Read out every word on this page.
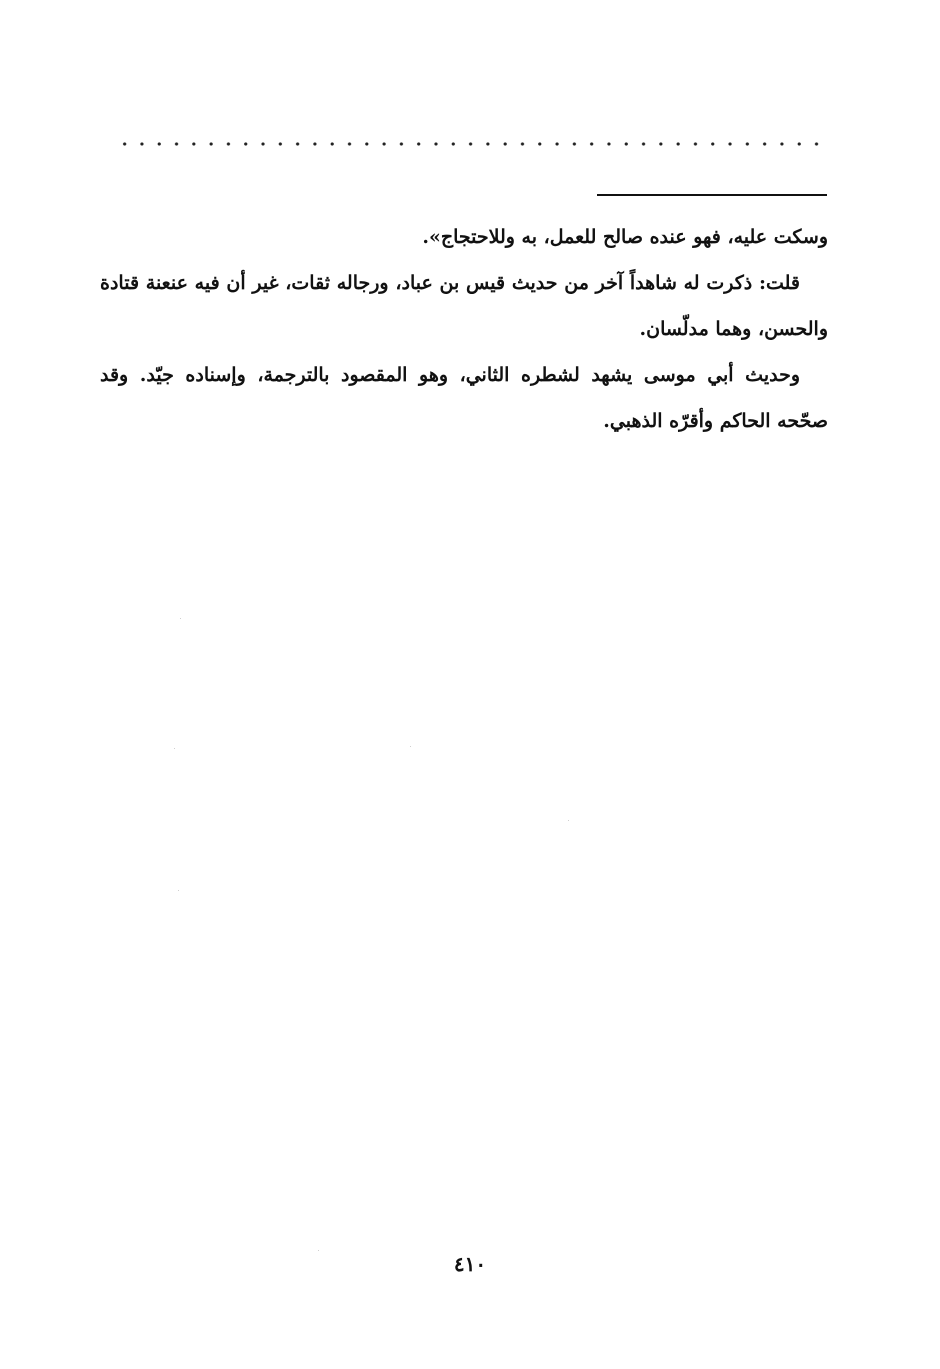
وسكت عليه، فهو عنده صالح للعمل، به وللاحتجاج».

قلت: ذكرت له شاهداً آخر من حديث قيس بن عباد، ورجاله ثقات، غير أن فيه عنعنة قتادة والحسن، وهما مدلّسان.

وحديث أبي موسى يشهد لشطره الثاني، وهو المقصود بالترجمة، وإسناده جيّد. وقد صحّحه الحاكم وأقرّه الذهبي.

٤١٠
